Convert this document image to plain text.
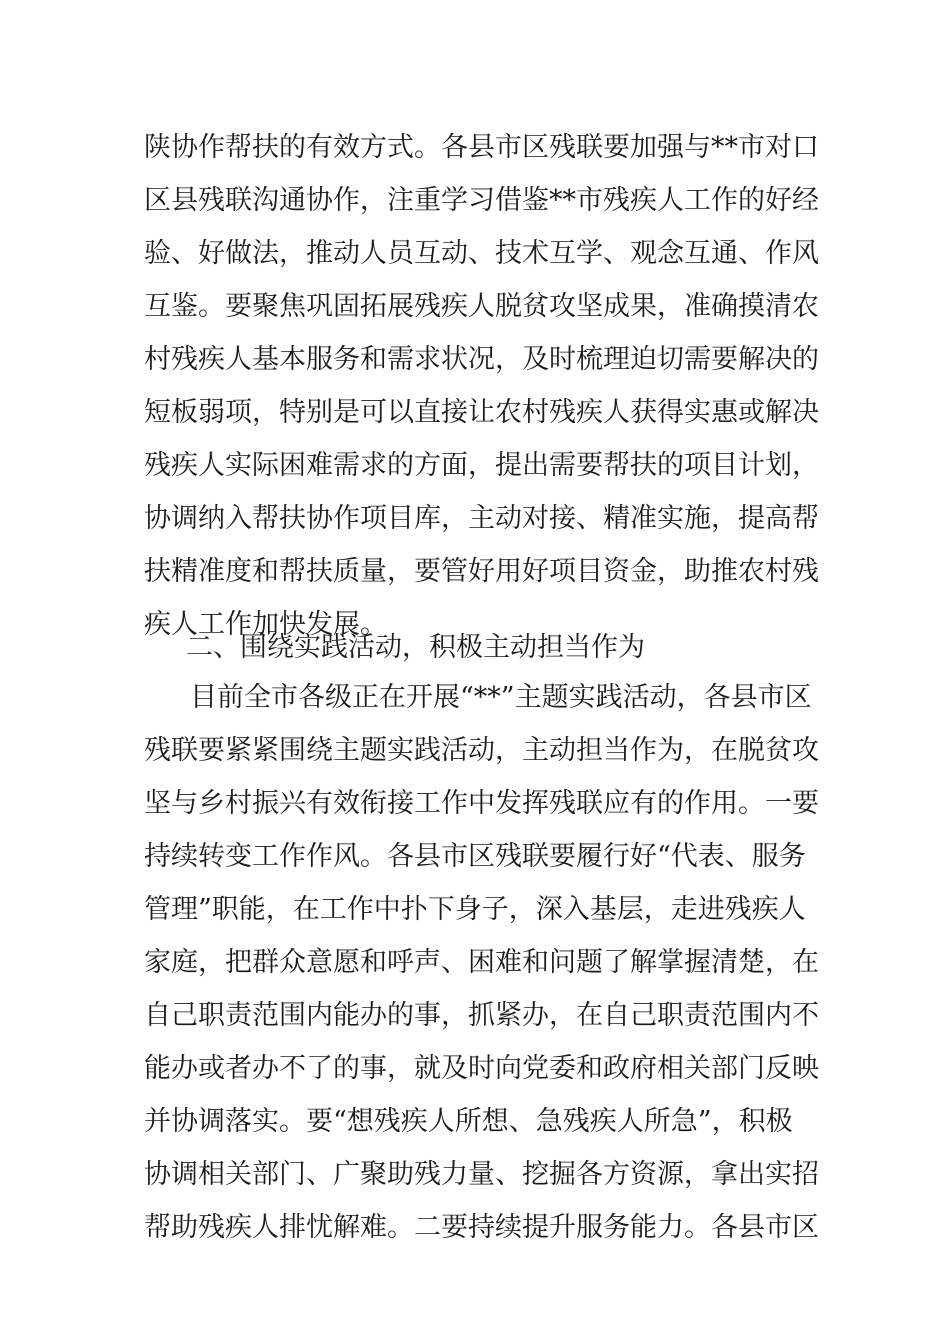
陕协作帮扶的有效方式。各县市区残联要加强与**市对口
区县残联沟通协作，注重学习借鉴**市残疾人工作的好经
验、好做法，推动人员互动、技术互学、观念互通、作风
互鉴。要聚焦巩固拓展残疾人脱贫攻坚成果，准确摸清农
村残疾人基本服务和需求状况，及时梳理迫切需要解决的
短板弱项，特别是可以直接让农村残疾人获得实惠或解决
残疾人实际困难需求的方面，提出需要帮扶的项目计划，
协调纳入帮扶协作项目库，主动对接、精准实施，提高帮
扶精准度和帮扶质量，要管好用好项目资金，助推农村残
疾人工作加快发展。
二、围绕实践活动，积极主动担当作为
目前全市各级正在开展“**”主题实践活动，各县市区
残联要紧紧围绕主题实践活动，主动担当作为，在脱贫攻
坚与乡村振兴有效衔接工作中发挥残联应有的作用。一要
持续转变工作作风。各县市区残联要履行好“代表、服务
管理”职能，在工作中扑下身子，深入基层，走进残疾人
家庭，把群众意愿和呼声、困难和问题了解掌握清楚，在
自己职责范围内能办的事，抓紧办，在自己职责范围内不
能办或者办不了的事，就及时向党委和政府相关部门反映
并协调落实。要“想残疾人所想、急残疾人所急”，积极
协调相关部门、广聚助残力量、挖掘各方资源，拿出实招
帮助残疾人排忧解难。二要持续提升服务能力。各县市区
